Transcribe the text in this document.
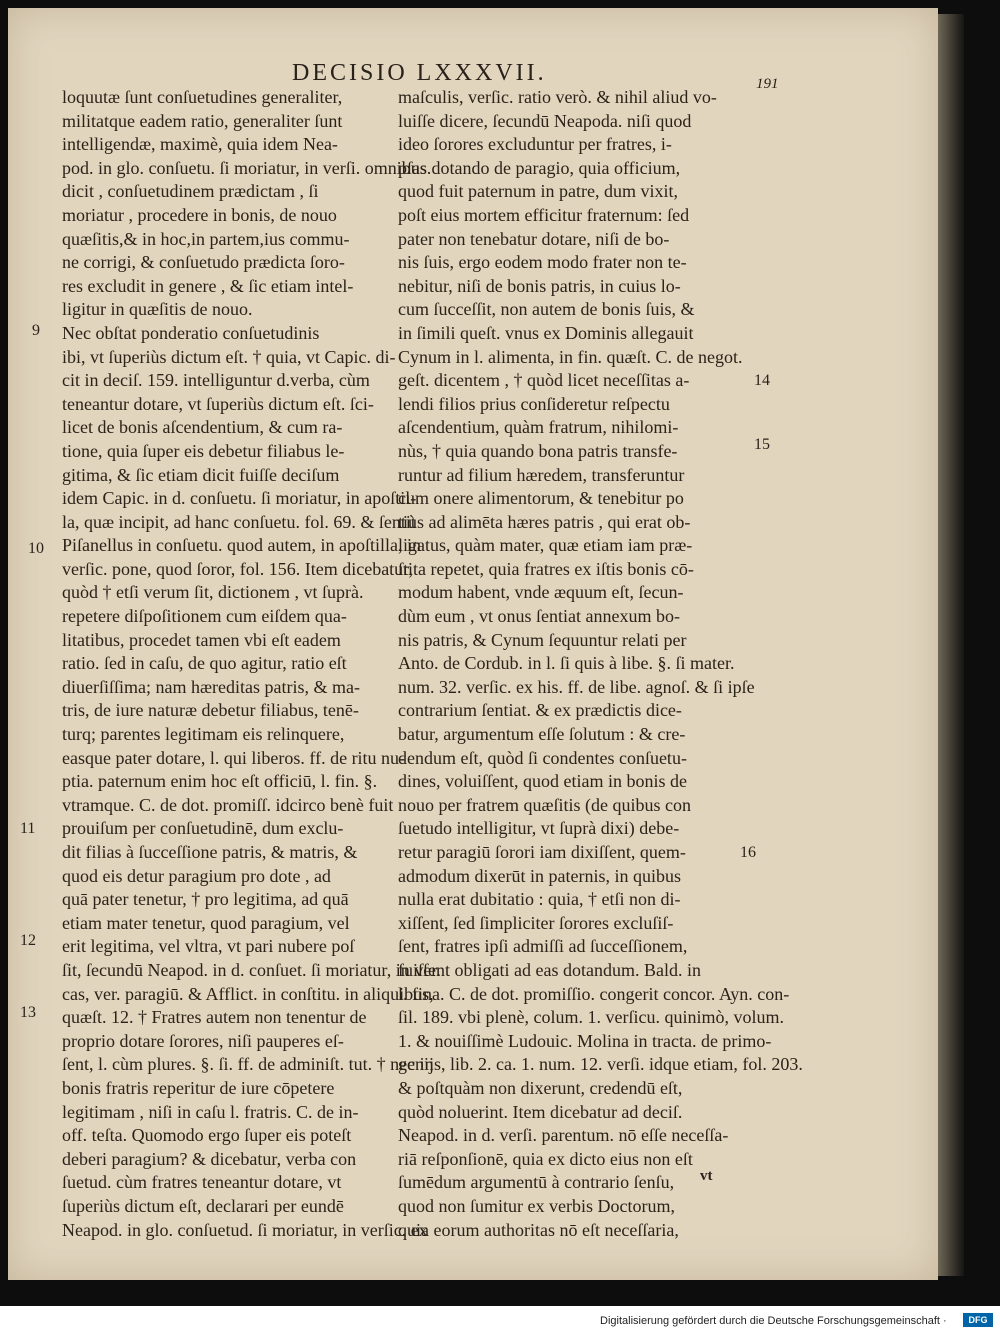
DECISIO LXXXVII.	191
loquutæ ſunt conſuetudines generaliter,
militatque eadem ratio, generaliter ſunt
intelligendæ, maximè, quia idem Nea-
pod. in glo. conſuetu. ſi moriatur, in verſi. omnibus.
dicit , conſuetudinem prædictam , ſi
moriatur , procedere in bonis, de nouo
quæſitis,& in hoc,in partem,ius commu-
ne corrigi, & conſuetudo prædicta ſoro-
res excludit in genere , & ſic etiam intel-
ligitur in quæſitis de nouo.
Nec obſtat ponderatio conſuetudinis
ibi, vt ſuperiùs dictum eſt. † quia, vt Capic. di-
cit in deciſ. 159. intelliguntur d.verba, cùm
teneantur dotare, vt ſuperiùs dictum eſt. ſci-
licet de bonis aſcendentium, & cum ra-
tione, quia ſuper eis debetur filiabus le-
gitima, & ſic etiam dicit fuiſſe deciſum
idem Capic. in d. conſuetu. ſi moriatur, in apoſtil-
la, quæ incipit, ad hanc conſuetu. fol. 69. & ſentit
Piſanellus in conſuetu. quod autem, in apoſtilla, in
verſic. pone, quod ſoror, fol. 156. Item dicebatur,
quòd † etſi verum ſit, dictionem , vt ſuprà.
repetere diſpoſitionem cum eiſdem qua-
litatibus, procedet tamen vbi eſt eadem
ratio. ſed in caſu, de quo agitur, ratio eſt
diuerſiſſima; nam hæreditas patris, & ma-
tris, de iure naturæ debetur filiabus, tenē-
turq; parentes legitimam eis relinquere,
easque pater dotare, l. qui liberos. ff. de ritu nu-
ptia. paternum enim hoc eſt officiū, l. fin. §.
vtramque. C. de dot. promiſſ. idcirco benè fuit
prouiſum per conſuetudinē, dum exclu-
dit filias à ſucceſſione patris, & matris, &
quod eis detur paragium pro dote , ad
quā pater tenetur, † pro legitima, ad quā
etiam mater tenetur, quod paragium, vel
erit legitima, vel vltra, vt pari nubere poſ
ſit, ſecundū Neapod. in d. conſuet. ſi moriatur, in ver.
cas, ver. paragiū. & Afflict. in conſtitu. in aliquibus,
quæſt. 12. † Fratres autem non tenentur de
proprio dotare ſorores, niſi pauperes eſ-
ſent, l. cùm plures. §. ſi. ff. de adminiſt. tut. † nec in
bonis fratris reperitur de iure cōpetere
legitimam , niſi in caſu l. fratris. C. de in-
off. teſta. Quomodo ergo ſuper eis poteſt
deberi paragium? & dicebatur, verba con
ſuetud. cùm fratres teneantur dotare, vt
ſuperiùs dictum eſt, declarari per eundē
Neapod. in glo. conſuetud. ſi moriatur, in verſic. ex
maſculis, verſic. ratio verò. & nihil aliud vo-
luiſſe dicere, ſecundū Neapoda. niſi quod
ideo ſorores excluduntur per fratres, i-
pſas dotando de paragio, quia officium,
quod fuit paternum in patre, dum vixit,
poſt eius mortem efficitur fraternum: ſed
pater non tenebatur dotare, niſi de bo-
nis ſuis, ergo eodem modo frater non te-
nebitur, niſi de bonis patris, in cuius lo-
cum ſucceſſit, non autem de bonis ſuis, &
in ſimili queſt. vnus ex Dominis allegauit
Cynum in l. alimenta, in fin. quæſt. C. de negot.
geſt. dicentem , † quòd licet neceſſitas a-
lendi filios prius conſideretur reſpectu
aſcendentium, quàm fratrum, nihilomi-
nùs, † quia quando bona patris transfe-
runtur ad filium hæredem, transferuntur
cum onere alimentorum, & tenebitur po
tiùs ad alimēta hæres patris , qui erat ob-
ligatus, quàm mater, quæ etiam iam præ-
ſtita repetet, quia fratres ex iſtis bonis cō-
modum habent, vnde æquum eſt, ſecun-
dùm eum , vt onus ſentiat annexum bo-
nis patris, & Cynum ſequuntur relati per
Anto. de Cordub. in l. ſi quis à libe. §. ſi mater.
num. 32. verſic. ex his. ff. de libe. agnoſ. & ſi ipſe
contrarium ſentiat. & ex prædictis dice-
batur, argumentum eſſe ſolutum : & cre-
dendum eſt, quòd ſi condentes conſuetu-
dines, voluiſſent, quod etiam in bonis de
nouo per fratrem quæſitis (de quibus con
ſuetudo intelligitur, vt ſuprà dixi) debe-
retur paragiū ſorori iam dixiſſent, quem-
admodum dixerūt in paternis, in quibus
nulla erat dubitatio : quia, † etſi non di-
xiſſent, ſed ſimpliciter ſorores excluſiſ-
ſent, fratres ipſi admiſſi ad ſucceſſionem,
fuiſſent obligati ad eas dotandum. Bald. in
l. fina. C. de dot. promiſſio. congerit concor. Ayn. con-
ſil. 189. vbi plenè, colum. 1. verſicu. quinimò, volum.
1. & nouiſſimè Ludouic. Molina in tracta. de primo-
genijs, lib. 2. ca. 1. num. 12. verſi. idque etiam, fol. 203.
& poſtquàm non dixerunt, credendū eſt,
quòd noluerint. Item dicebatur ad deciſ.
Neapod. in d. verſi. parentum. nō eſſe neceſſa-
riā reſponſionē, quia ex dicto eius non eſt
ſumēdum argumentū à contrario ſenſu,
quod non ſumitur ex verbis Doctorum,
quia eorum authoritas nō eſt neceſſaria,
9
10
11
12
13
14
15
16
vt
Digitalisierung gefördert durch die Deutsche Forschungsgemeinschaft ·	DFG
